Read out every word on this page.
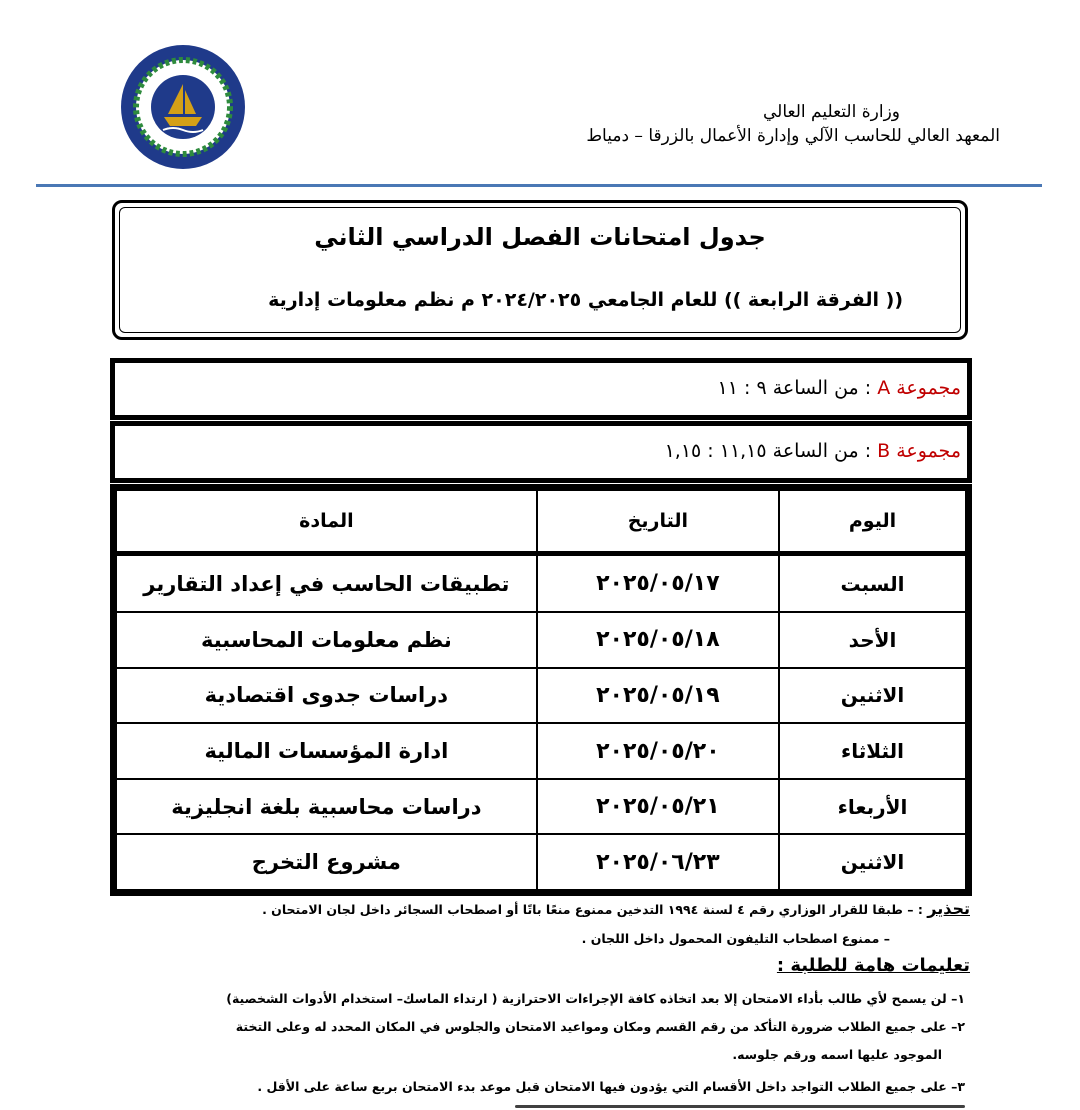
وزارة التعليم العالي
المعهد العالي للحاسب الآلي وإدارة الأعمال بالزرقا – دمياط
جدول امتحانات الفصل الدراسي الثاني
(( الفرقة الرابعة )) للعام الجامعي ٢٠٢٤/٢٠٢٥ م نظم معلومات إدارية
مجموعة A : من الساعة ٩ : ١١
مجموعة B : من الساعة ١١,١٥ : ١,١٥
اليوم	التاريخ	المادة
السبت	٢٠٢٥/٠٥/١٧	تطبيقات الحاسب في إعداد التقارير
الأحد	٢٠٢٥/٠٥/١٨	نظم معلومات المحاسبية
الاثنين	٢٠٢٥/٠٥/١٩	دراسات جدوى اقتصادية
الثلاثاء	٢٠٢٥/٠٥/٢٠	ادارة المؤسسات المالية
الأربعاء	٢٠٢٥/٠٥/٢١	دراسات محاسبية بلغة انجليزية
الاثنين	٢٠٢٥/٠٦/٢٣	مشروع التخرج
تحذير : – طبقا للقرار الوزاري رقم ٤ لسنة ١٩٩٤ التدخين ممنوع منعًا باتًا أو اصطحاب السجائر داخل لجان الامتحان .
– ممنوع اصطحاب التليفون المحمول داخل اللجان .
تعليمات هامة للطلبة :
١– لن يسمح لأي طالب بأداء الامتحان إلا بعد اتخاذه كافة الإجراءات الاحترازية ( ارتداء الماسك– استخدام الأدوات الشخصية)
٢– على جميع الطلاب ضرورة التأكد من رقم القسم ومكان ومواعيد الامتحان والجلوس في المكان المحدد له وعلى التختة
الموجود عليها اسمه ورقم جلوسه.
٣– على جميع الطلاب التواجد داخل الأقسام التي يؤدون فيها الامتحان قبل موعد بدء الامتحان بربع ساعة على الأقل .
